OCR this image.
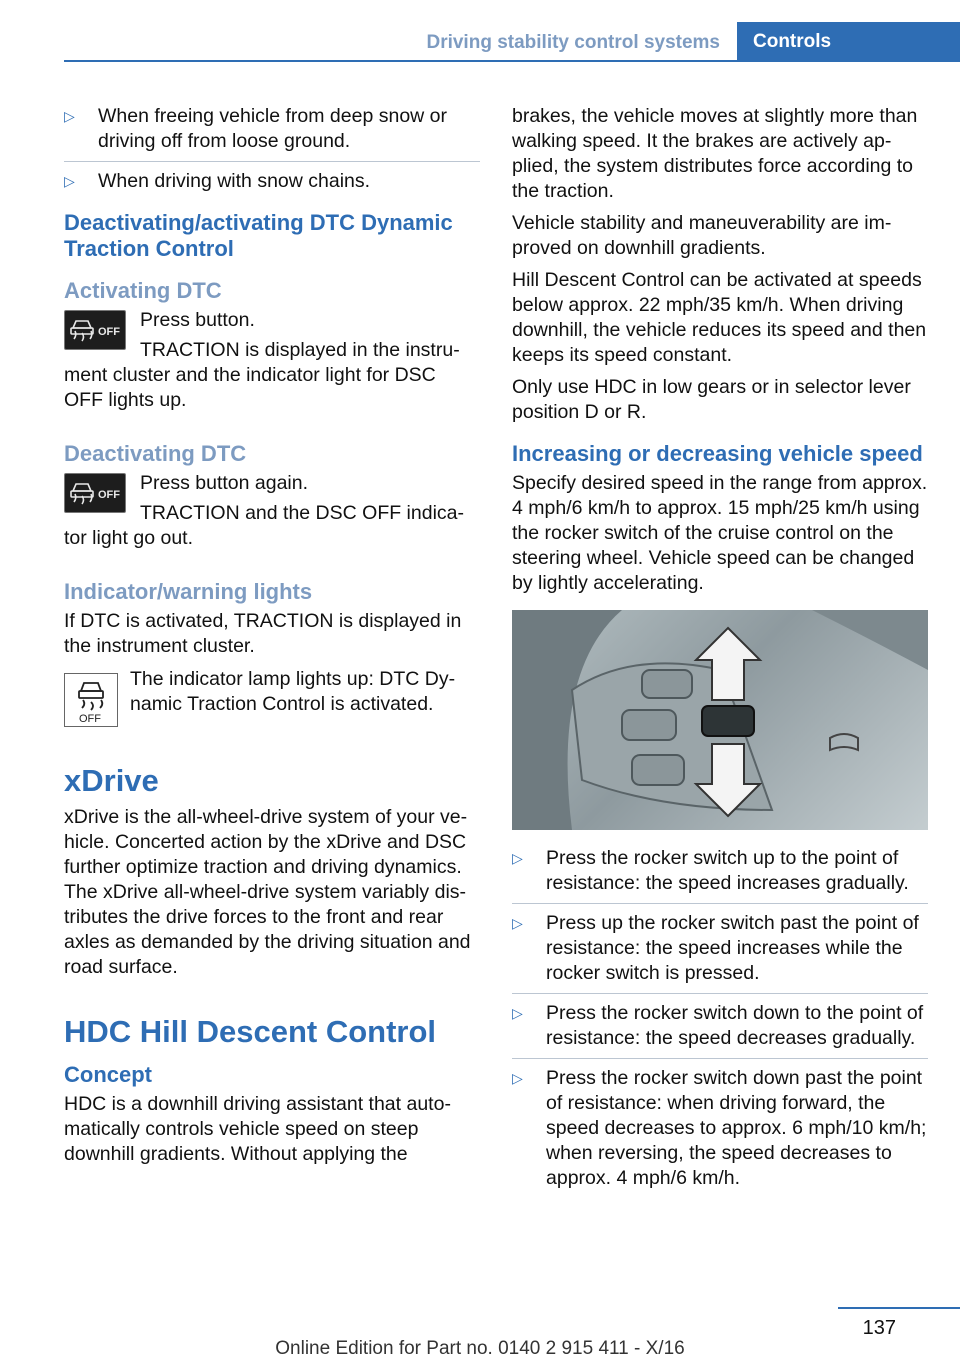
Driving stability control systems	Controls
▷	When freeing vehicle from deep snow or driving off from loose ground.
▷	When driving with snow chains.
Deactivating/activating DTC Dynamic Traction Control
Activating DTC
OFF

Press button.

TRACTION is displayed in the instrument cluster and the indicator light for DSC OFF lights up.

Deactivating DTC
OFF

Press button again.

TRACTION and the DSC OFF indicator light go out.

Indicator/warning lights

If DTC is activated, TRACTION is displayed in the instrument cluster.

OFF

The indicator lamp lights up: DTC Dynamic Traction Control is activated.

xDrive

xDrive is the all-wheel-drive system of your vehicle. Concerted action by the xDrive and DSC further optimize traction and driving dynamics. The xDrive all-wheel-drive system variably distributes the drive forces to the front and rear axles as demanded by the driving situation and road surface.

HDC Hill Descent Control
Concept

HDC is a downhill driving assistant that automatically controls vehicle speed on steep downhill gradients. Without applying the

brakes, the vehicle moves at slightly more than walking speed. It the brakes are actively applied, the system distributes force according to the traction.

Vehicle stability and maneuverability are improved on downhill gradients.

Hill Descent Control can be activated at speeds below approx. 22 mph/35 km/h. When driving downhill, the vehicle reduces its speed and then keeps its speed constant.

Only use HDC in low gears or in selector lever position D or R.

Increasing or decreasing vehicle speed

Specify desired speed in the range from approx. 4 mph/6 km/h to approx. 15 mph/25 km/h using the rocker switch of the cruise control on the steering wheel. Vehicle speed can be changed by lightly accelerating.

▷	Press the rocker switch up to the point of resistance: the speed increases gradually.
▷	Press up the rocker switch past the point of resistance: the speed increases while the rocker switch is pressed.
▷	Press the rocker switch down to the point of resistance: the speed decreases gradually.
▷	Press the rocker switch down past the point of resistance: when driving forward, the speed decreases to approx. 6 mph/10 km/h; when reversing, the speed decreases to approx. 4 mph/6 km/h.
137
Online Edition for Part no. 0140 2 915 411 - X/16
